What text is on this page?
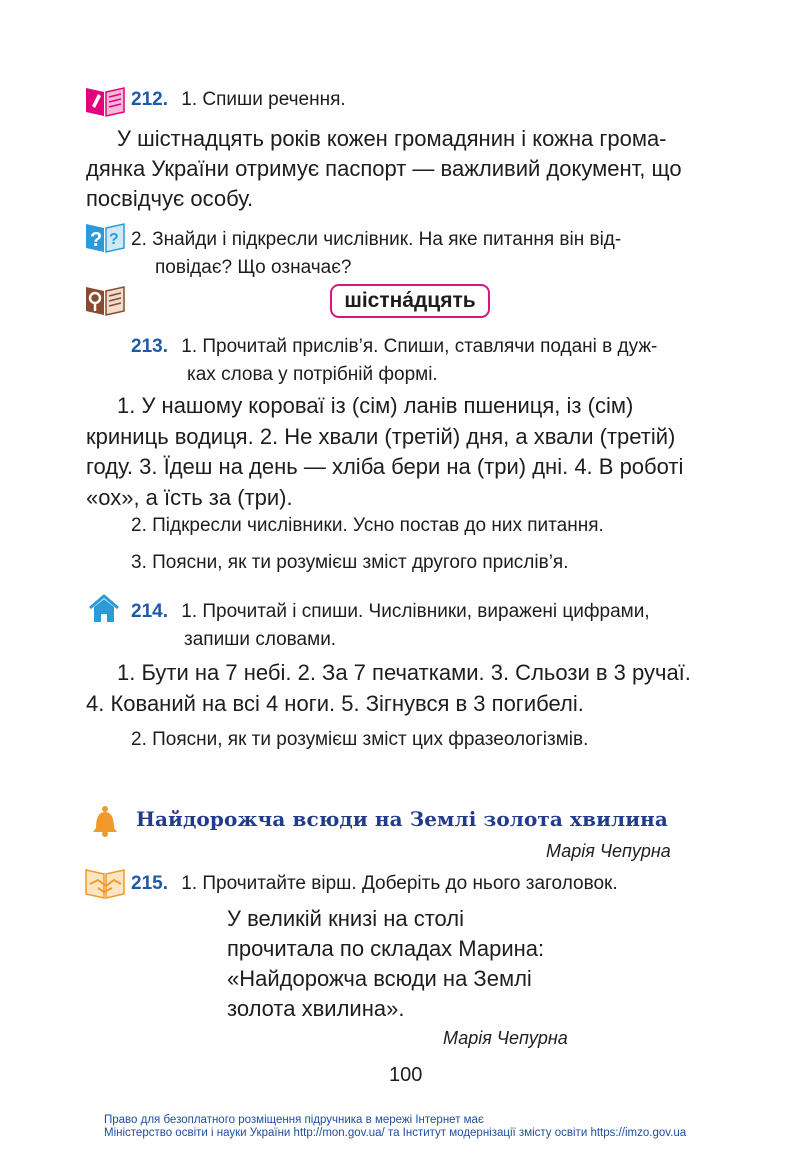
212. 1. Спиши речення.
У шістнадцять років кожен громадянин і кожна грома-
дянка України отримує паспорт — важливий документ, що
посвідчує особу.
? ? 2. Знайди і підкресли числівник. На яке питання він від-
повідає? Що означає?
шістна́дцять
213. 1. Прочитай прислів’я. Спиши, ставлячи подані в дуж-
ках слова у потрібній формі.
1. У нашому короваї із (сім) ланів пшениця, із (сім)
криниць водиця. 2. Не хвали (третій) дня, а хвали (третій)
году. 3. Їдеш на день — хліба бери на (три) дні. 4. В роботі
«ох», а їсть за (три).
2. Підкресли числівники. Усно постав до них питання.
3. Поясни, як ти розумієш зміст другого прислів’я.
214. 1. Прочитай і спиши. Числівники, виражені цифрами,
запиши словами.
1. Бути на 7 небі. 2. За 7 печатками. 3. Сльози в 3 ручаї.
4. Кований на всі 4 ноги. 5. Зігнувся в 3 погибелі.
2. Поясни, як ти розумієш зміст цих фразеологізмів.
Найдорожча всюди на Землі золота хвилина
Марія Чепурна
215. 1. Прочитайте вірш. Доберіть до нього заголовок.
У великій книзі на столі
прочитала по складах Марина:
«Найдорожча всюди на Землі
золота хвилина».
Марія Чепурна
100
Право для безоплатного розміщення підручника в мережі Інтернет має
Міністерство освіти і науки України http://mon.gov.ua/ та Інститут модернізації змісту освіти https://imzo.gov.ua
